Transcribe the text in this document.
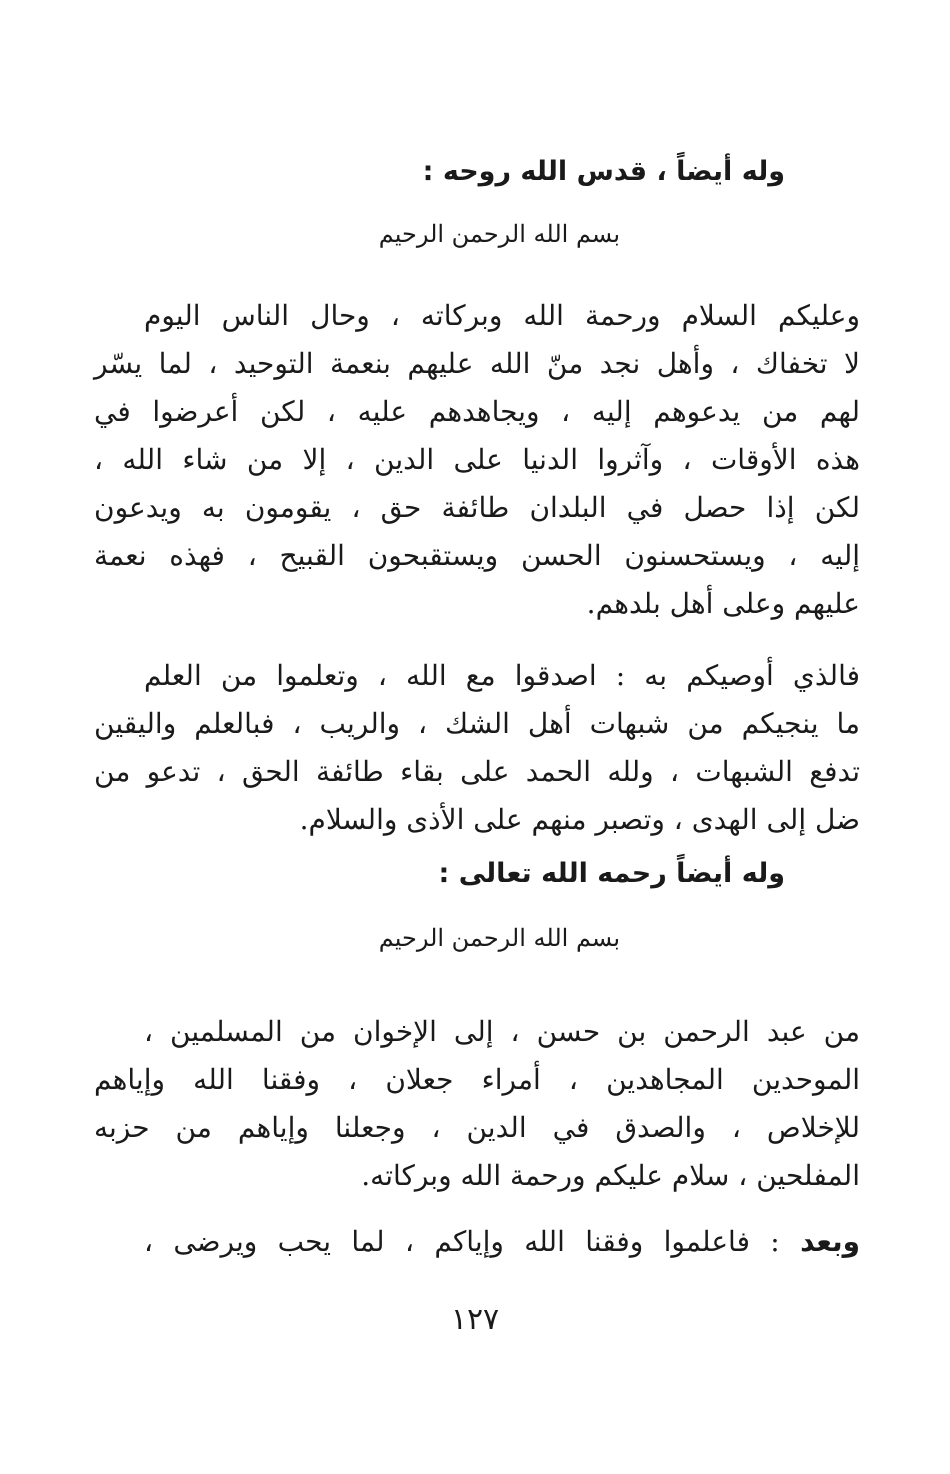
وله أيضاً ، قدس الله روحه :
بسم الله الرحمن الرحيم
وعليكم السلام ورحمة الله وبركاته ، وحال الناس اليوم
لا تخفاك ، وأهل نجد منّ الله عليهم بنعمة التوحيد ، لما يسّر
لهم من يدعوهم إليه ، ويجاهدهم عليه ، لكن أعرضوا في
هذه الأوقات ، وآثروا الدنيا على الدين ، إلا من شاء الله ،
لكن إذا حصل في البلدان طائفة حق ، يقومون به ويدعون
إليه ، ويستحسنون الحسن ويستقبحون القبيح ، فهذه نعمة
عليهم وعلى أهل بلدهم.
فالذي أوصيكم به : اصدقوا مع الله ، وتعلموا من العلم
ما ينجيكم من شبهات أهل الشك ، والريب ، فبالعلم واليقين
تدفع الشبهات ، ولله الحمد على بقاء طائفة الحق ، تدعو من
ضل إلى الهدى ، وتصبر منهم على الأذى والسلام.
وله أيضاً رحمه الله تعالى :
بسم الله الرحمن الرحيم
من عبد الرحمن بن حسن ، إلى الإخوان من المسلمين ،
الموحدين المجاهدين ، أمراء جعلان ، وفقنا الله وإياهم
للإخلاص ، والصدق في الدين ، وجعلنا وإياهم من حزبه
المفلحين ، سلام عليكم ورحمة الله وبركاته.
وبعد : فاعلموا وفقنا الله وإياكم ، لما يحب ويرضى ،
١٢٧
